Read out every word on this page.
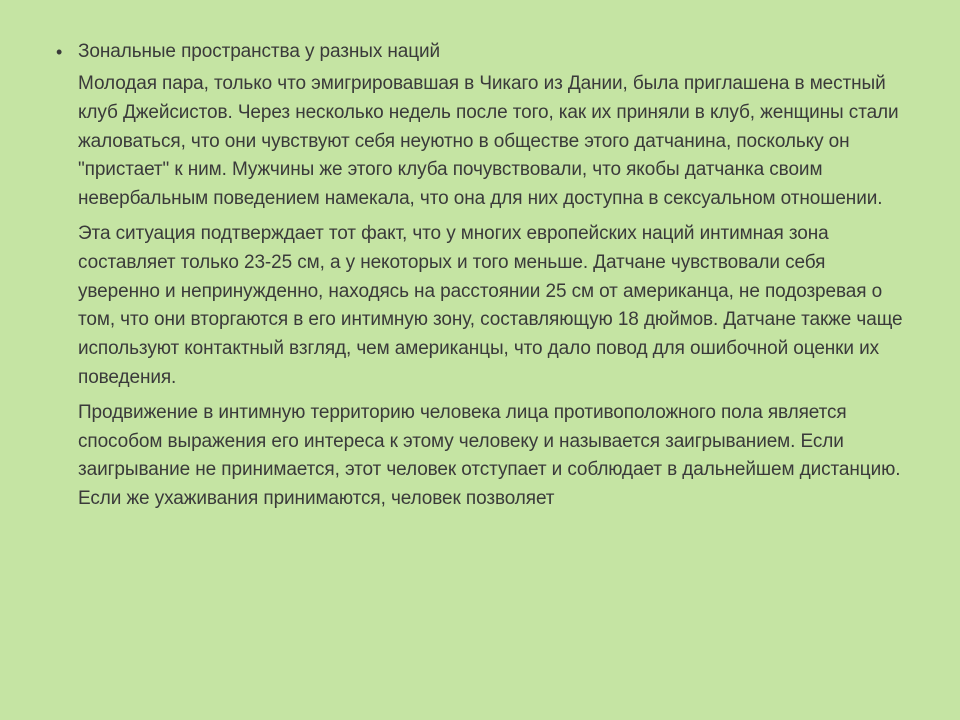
• Зональные пространства у разных наций

Молодая пара, только что эмигрировавшая в Чикаго из Дании, была приглашена в местный клуб Джейсистов. Через несколько недель после того, как их приняли в клуб, женщины стали жаловаться, что они чувствуют себя неуютно в обществе этого датчанина, поскольку он "пристает" к ним. Мужчины же этого клуба почувствовали, что якобы датчанка своим невербальным поведением намекала, что она для них доступна в сексуальном отношении.

Эта ситуация подтверждает тот факт, что у многих европейских наций интимная зона составляет только 23-25 см, а у некоторых и того меньше. Датчане чувствовали себя уверенно и непринужденно, находясь на расстоянии 25 см от американца, не подозревая о том, что они вторгаются в его интимную зону, составляющую 18 дюймов. Датчане также чаще используют контактный взгляд, чем американцы, что дало повод для ошибочной оценки их поведения.

Продвижение в интимную территорию человека лица противоположного пола является способом выражения его интереса к этому человеку и называется заигрыванием. Если заигрывание не принимается, этот человек отступает и соблюдает в дальнейшем дистанцию. Если же ухаживания принимаются, человек позволяет
